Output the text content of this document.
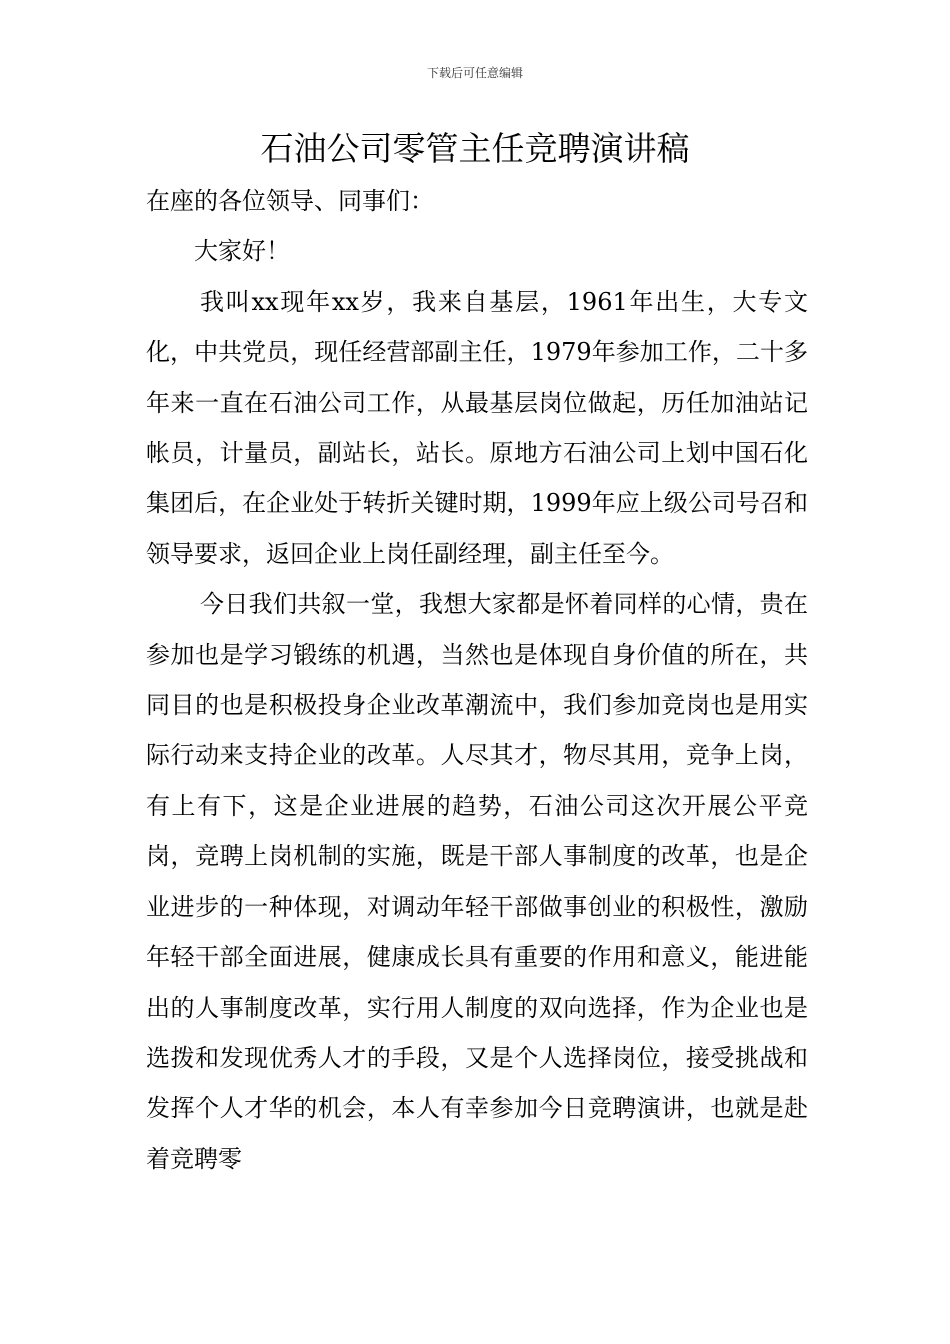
下载后可任意编辑
石油公司零管主任竞聘演讲稿

在座的各位领导、同事们：

大家好！

我叫xx现年xx岁，我来自基层，1961年出生，大专文化，中共党员，现任经营部副主任，1979年参加工作，二十多年来一直在石油公司工作，从最基层岗位做起，历任加油站记帐员，计量员，副站长，站长。原地方石油公司上划中国石化集团后，在企业处于转折关键时期，1999年应上级公司号召和领导要求，返回企业上岗任副经理，副主任至今。

今日我们共叙一堂，我想大家都是怀着同样的心情，贵在参加也是学习锻练的机遇，当然也是体现自身价值的所在，共同目的也是积极投身企业改革潮流中，我们参加竞岗也是用实际行动来支持企业的改革。人尽其才，物尽其用，竞争上岗，有上有下，这是企业进展的趋势，石油公司这次开展公平竞岗，竞聘上岗机制的实施，既是干部人事制度的改革，也是企业进步的一种体现，对调动年轻干部做事创业的积极性，激励年轻干部全面进展，健康成长具有重要的作用和意义，能进能出的人事制度改革，实行用人制度的双向选择，作为企业也是选拨和发现优秀人才的手段，又是个人选择岗位，接受挑战和发挥个人才华的机会，本人有幸参加今日竞聘演讲，也就是赴着竞聘零
